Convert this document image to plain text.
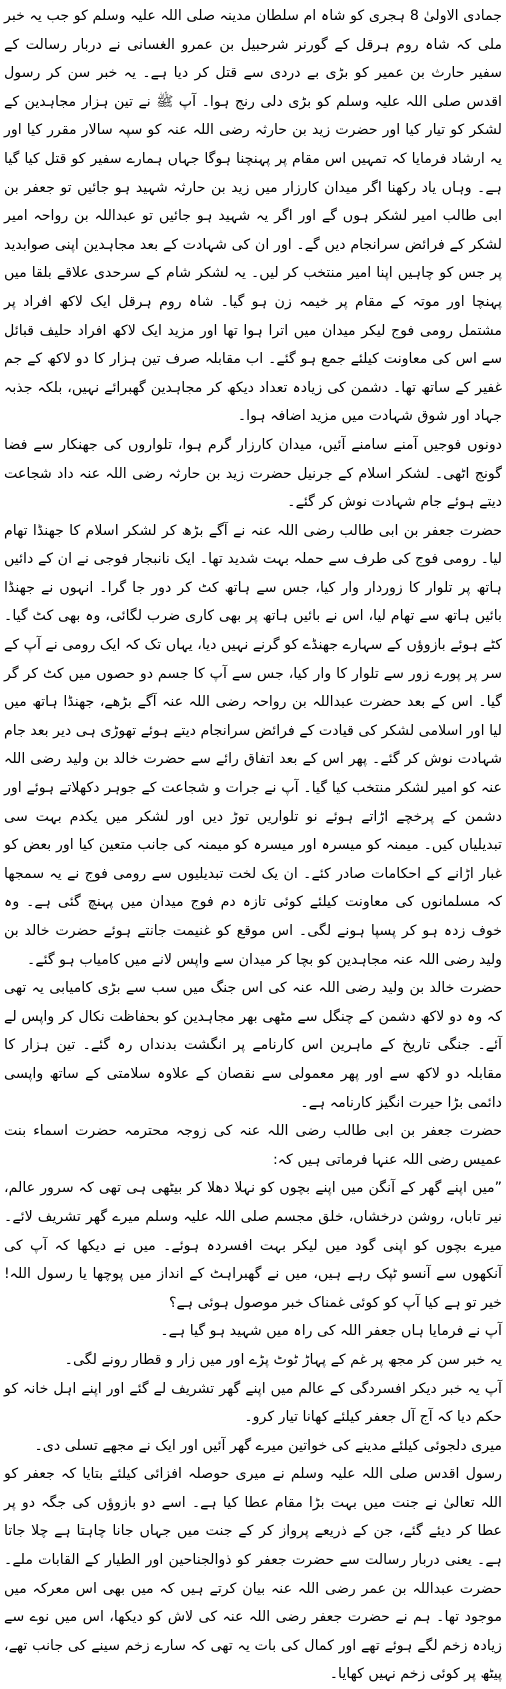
جمادی الاولیٰ 8 ہجری کو شاہ ام سلطان مدینہ صلی اللہ علیہ وسلم کو جب یہ خبر ملی کہ شاہ روم ہرقل کے گورنر شرحبیل بن عمرو الغسانی نے دربار رسالت کے سفیر حارث بن عمیر کو بڑی بے دردی سے قتل کر دیا ہے۔ یہ خبر سن کر رسول اقدس صلی اللہ علیہ وسلم کو بڑی دلی رنج ہوا۔ آپ ﷺ نے تین ہزار مجاہدین کے لشکر کو تیار کیا اور حضرت زید بن حارثہ رضی اللہ عنہ کو سپہ سالار مقرر کیا اور یہ ارشاد فرمایا کہ تمہیں اس مقام پر پہنچنا ہوگا جہاں ہمارے سفیر کو قتل کیا گیا ہے۔ وہاں یاد رکھنا اگر میدان کارزار میں زید بن حارثہ شہید ہو جائیں تو جعفر بن ابی طالب امیر لشکر ہوں گے اور اگر یہ شہید ہو جائیں تو عبداللہ بن رواحہ امیر لشکر کے فرائض سرانجام دیں گے۔ اور ان کی شہادت کے بعد مجاہدین اپنی صوابدید پر جس کو چاہیں اپنا امیر منتخب کر لیں۔ یہ لشکر شام کے سرحدی علاقے بلقا میں پہنچا اور موتہ کے مقام پر خیمہ زن ہو گیا۔ شاہ روم ہرقل ایک لاکھ افراد پر مشتمل رومی فوج لیکر میدان میں اترا ہوا تھا اور مزید ایک لاکھ افراد حلیف قبائل سے اس کی معاونت کیلئے جمع ہو گئے۔ اب مقابلہ صرف تین ہزار کا دو لاکھ کے جم غفیر کے ساتھ تھا۔ دشمن کی زیادہ تعداد دیکھ کر مجاہدین گھبرائے نہیں، بلکہ جذبہ جہاد اور شوق شہادت میں مزید اضافہ ہوا۔

دونوں فوجیں آمنے سامنے آئیں، میدان کارزار گرم ہوا، تلواروں کی جھنکار سے فضا گونج اٹھی۔ لشکر اسلام کے جرنیل حضرت زید بن حارثہ رضی اللہ عنہ داد شجاعت دیتے ہوئے جام شہادت نوش کر گئے۔

حضرت جعفر بن ابی طالب رضی اللہ عنہ نے آگے بڑھ کر لشکر اسلام کا جھنڈا تھام لیا۔ رومی فوج کی طرف سے حملہ بہت شدید تھا۔ ایک نانبجار فوجی نے ان کے دائیں ہاتھ پر تلوار کا زوردار وار کیا، جس سے ہاتھ کٹ کر دور جا گرا۔ انہوں نے جھنڈا بائیں ہاتھ سے تھام لیا، اس نے بائیں ہاتھ پر بھی کاری ضرب لگائی، وہ بھی کٹ گیا۔ کٹے ہوئے بازوؤں کے سہارے جھنڈے کو گرنے نہیں دیا، یہاں تک کہ ایک رومی نے آپ کے سر پر پورے زور سے تلوار کا وار کیا، جس سے آپ کا جسم دو حصوں میں کٹ کر گر گیا۔ اس کے بعد حضرت عبداللہ بن رواحہ رضی اللہ عنہ آگے بڑھے، جھنڈا ہاتھ میں لیا اور اسلامی لشکر کی قیادت کے فرائض سرانجام دیتے ہوئے تھوڑی ہی دیر بعد جام شہادت نوش کر گئے۔ پھر اس کے بعد اتفاق رائے سے حضرت خالد بن ولید رضی اللہ عنہ کو امیر لشکر منتخب کیا گیا۔ آپ نے جرات و شجاعت کے جوہر دکھلاتے ہوئے اور دشمن کے پرخچے اڑاتے ہوئے نو تلواریں توڑ دیں اور لشکر میں یکدم بہت سی تبدیلیاں کیں۔ میمنہ کو میسرہ اور میسرہ کو میمنہ کی جانب متعین کیا اور بعض کو غبار اڑانے کے احکامات صادر کئے۔ ان یک لخت تبدیلیوں سے رومی فوج نے یہ سمجھا کہ مسلمانوں کی معاونت کیلئے کوئی تازہ دم فوج میدان میں پہنچ گئی ہے۔ وہ خوف زدہ ہو کر پسپا ہونے لگی۔ اس موقع کو غنیمت جانتے ہوئے حضرت خالد بن ولید رضی اللہ عنہ مجاہدین کو بچا کر میدان سے واپس لانے میں کامیاب ہو گئے۔

حضرت خالد بن ولید رضی اللہ عنہ کی اس جنگ میں سب سے بڑی کامیابی یہ تھی کہ وہ دو لاکھ دشمن کے چنگل سے مٹھی بھر مجاہدین کو بحفاظت نکال کر واپس لے آئے۔ جنگی تاریخ کے ماہرین اس کارنامے پر انگشت بدنداں رہ گئے۔ تین ہزار کا مقابلہ دو لاکھ سے اور پھر معمولی سے نقصان کے علاوہ سلامتی کے ساتھ واپسی دائمی بڑا حیرت انگیز کارنامہ ہے۔

حضرت جعفر بن ابی طالب رضی اللہ عنہ کی زوجہ محترمہ حضرت اسماء بنت عمیس رضی اللہ عنہا فرماتی ہیں کہ:

”میں اپنے گھر کے آنگن میں اپنے بچوں کو نہلا دھلا کر بیٹھی ہی تھی کہ سرور عالم، نیر تاباں، روشن درخشاں، خلق مجسم صلی اللہ علیہ وسلم میرے گھر تشریف لائے۔ میرے بچوں کو اپنی گود میں لیکر بہت افسردہ ہوئے۔ میں نے دیکھا کہ آپ کی آنکھوں سے آنسو ٹپک رہے ہیں، میں نے گھبراہٹ کے انداز میں پوچھا یا رسول اللہ! خیر تو ہے کیا آپ کو کوئی غمناک خبر موصول ہوئی ہے؟

آپ نے فرمایا ہاں جعفر اللہ کی راہ میں شہید ہو گیا ہے۔

یہ خبر سن کر مجھ پر غم کے پہاڑ ٹوٹ پڑے اور میں زار و قطار رونے لگی۔

آپ یہ خبر دیکر افسردگی کے عالم میں اپنے گھر تشریف لے گئے اور اپنے اہل خانہ کو حکم دیا کہ آج آل جعفر کیلئے کھانا تیار کرو۔

میری دلجوئی کیلئے مدینے کی خواتین میرے گھر آئیں اور ایک نے مجھے تسلی دی۔

رسول اقدس صلی اللہ علیہ وسلم نے میری حوصلہ افزائی کیلئے بتایا کہ جعفر کو اللہ تعالیٰ نے جنت میں بہت بڑا مقام عطا کیا ہے۔ اسے دو بازوؤں کی جگہ دو پر عطا کر دیئے گئے، جن کے ذریعے پرواز کر کے جنت میں جہاں جانا چاہتا ہے چلا جاتا ہے۔ یعنی دربار رسالت سے حضرت جعفر کو ذوالجناحین اور الطیار کے القابات ملے۔ حضرت عبداللہ بن عمر رضی اللہ عنہ بیان کرتے ہیں کہ میں بھی اس معرکہ میں موجود تھا۔ ہم نے حضرت جعفر رضی اللہ عنہ کی لاش کو دیکھا، اس میں نوے سے زیادہ زخم لگے ہوئے تھے اور کمال کی بات یہ تھی کہ سارے زخم سینے کی جانب تھے، پیٹھ پر کوئی زخم نہیں کھایا۔
